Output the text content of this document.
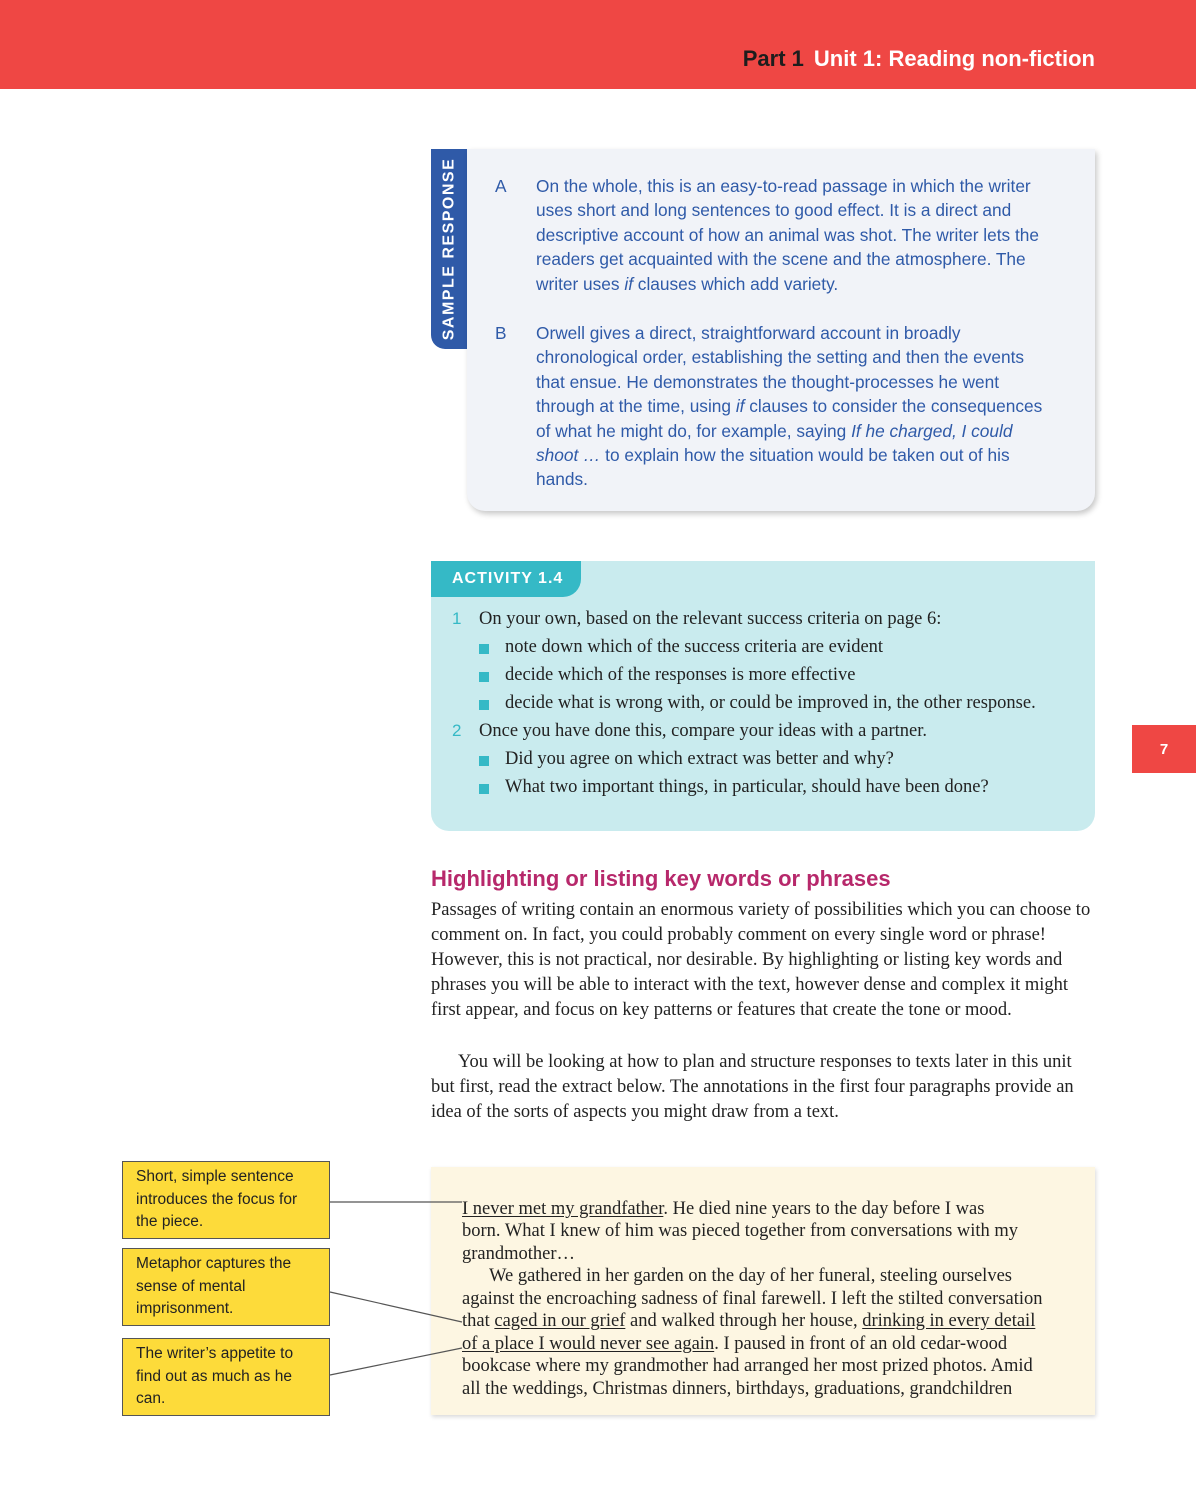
Part 1 Unit 1: Reading non-fiction
7
SAMPLE RESPONSE A On the whole, this is an easy-to-read passage in which the writer
uses short and long sentences to good effect. It is a direct and
descriptive account of how an animal was shot. The writer lets the
readers get acquainted with the scene and the atmosphere. The
writer uses if clauses which add variety.
B Orwell gives a direct, straightforward account in broadly
chronological order, establishing the setting and then the events
that ensue. He demonstrates the thought-processes he went
through at the time, using if clauses to consider the consequences
of what he might do, for example, saying If he charged, I could
shoot … to explain how the situation would be taken out of his
hands.
ACTIVITY 1.4
1 On your own, based on the relevant success criteria on page 6:
note down which of the success criteria are evident
decide which of the responses is more effective
decide what is wrong with, or could be improved in, the other response.
2 Once you have done this, compare your ideas with a partner.
Did you agree on which extract was better and why?
What two important things, in particular, should have been done?
Highlighting or listing key words or phrases

Passages of writing contain an enormous variety of possibilities which you can choose to comment on. In fact, you could probably comment on every single word or phrase! However, this is not practical, nor desirable. By highlighting or listing key words and phrases you will be able to interact with the text, however dense and complex it might first appear, and focus on key patterns or features that create the tone or mood.

You will be looking at how to plan and structure responses to texts later in this unit but first, read the extract below. The annotations in the first four paragraphs provide an idea of the sorts of aspects you might draw from a text.

I never met my grandfather. He died nine years to the day before I was
born. What I knew of him was pieced together from conversations with my
grandmother…
We gathered in her garden on the day of her funeral, steeling ourselves
against the encroaching sadness of final farewell. I left the stilted conversation
that caged in our grief and walked through her house, drinking in every detail
of a place I would never see again. I paused in front of an old cedar-wood
bookcase where my grandmother had arranged her most prized photos. Amid
all the weddings, Christmas dinners, birthdays, graduations, grandchildren
Short, simple sentence introduces the focus for the piece.
Metaphor captures the sense of mental imprisonment.
The writer’s appetite to find out as much as he can.
